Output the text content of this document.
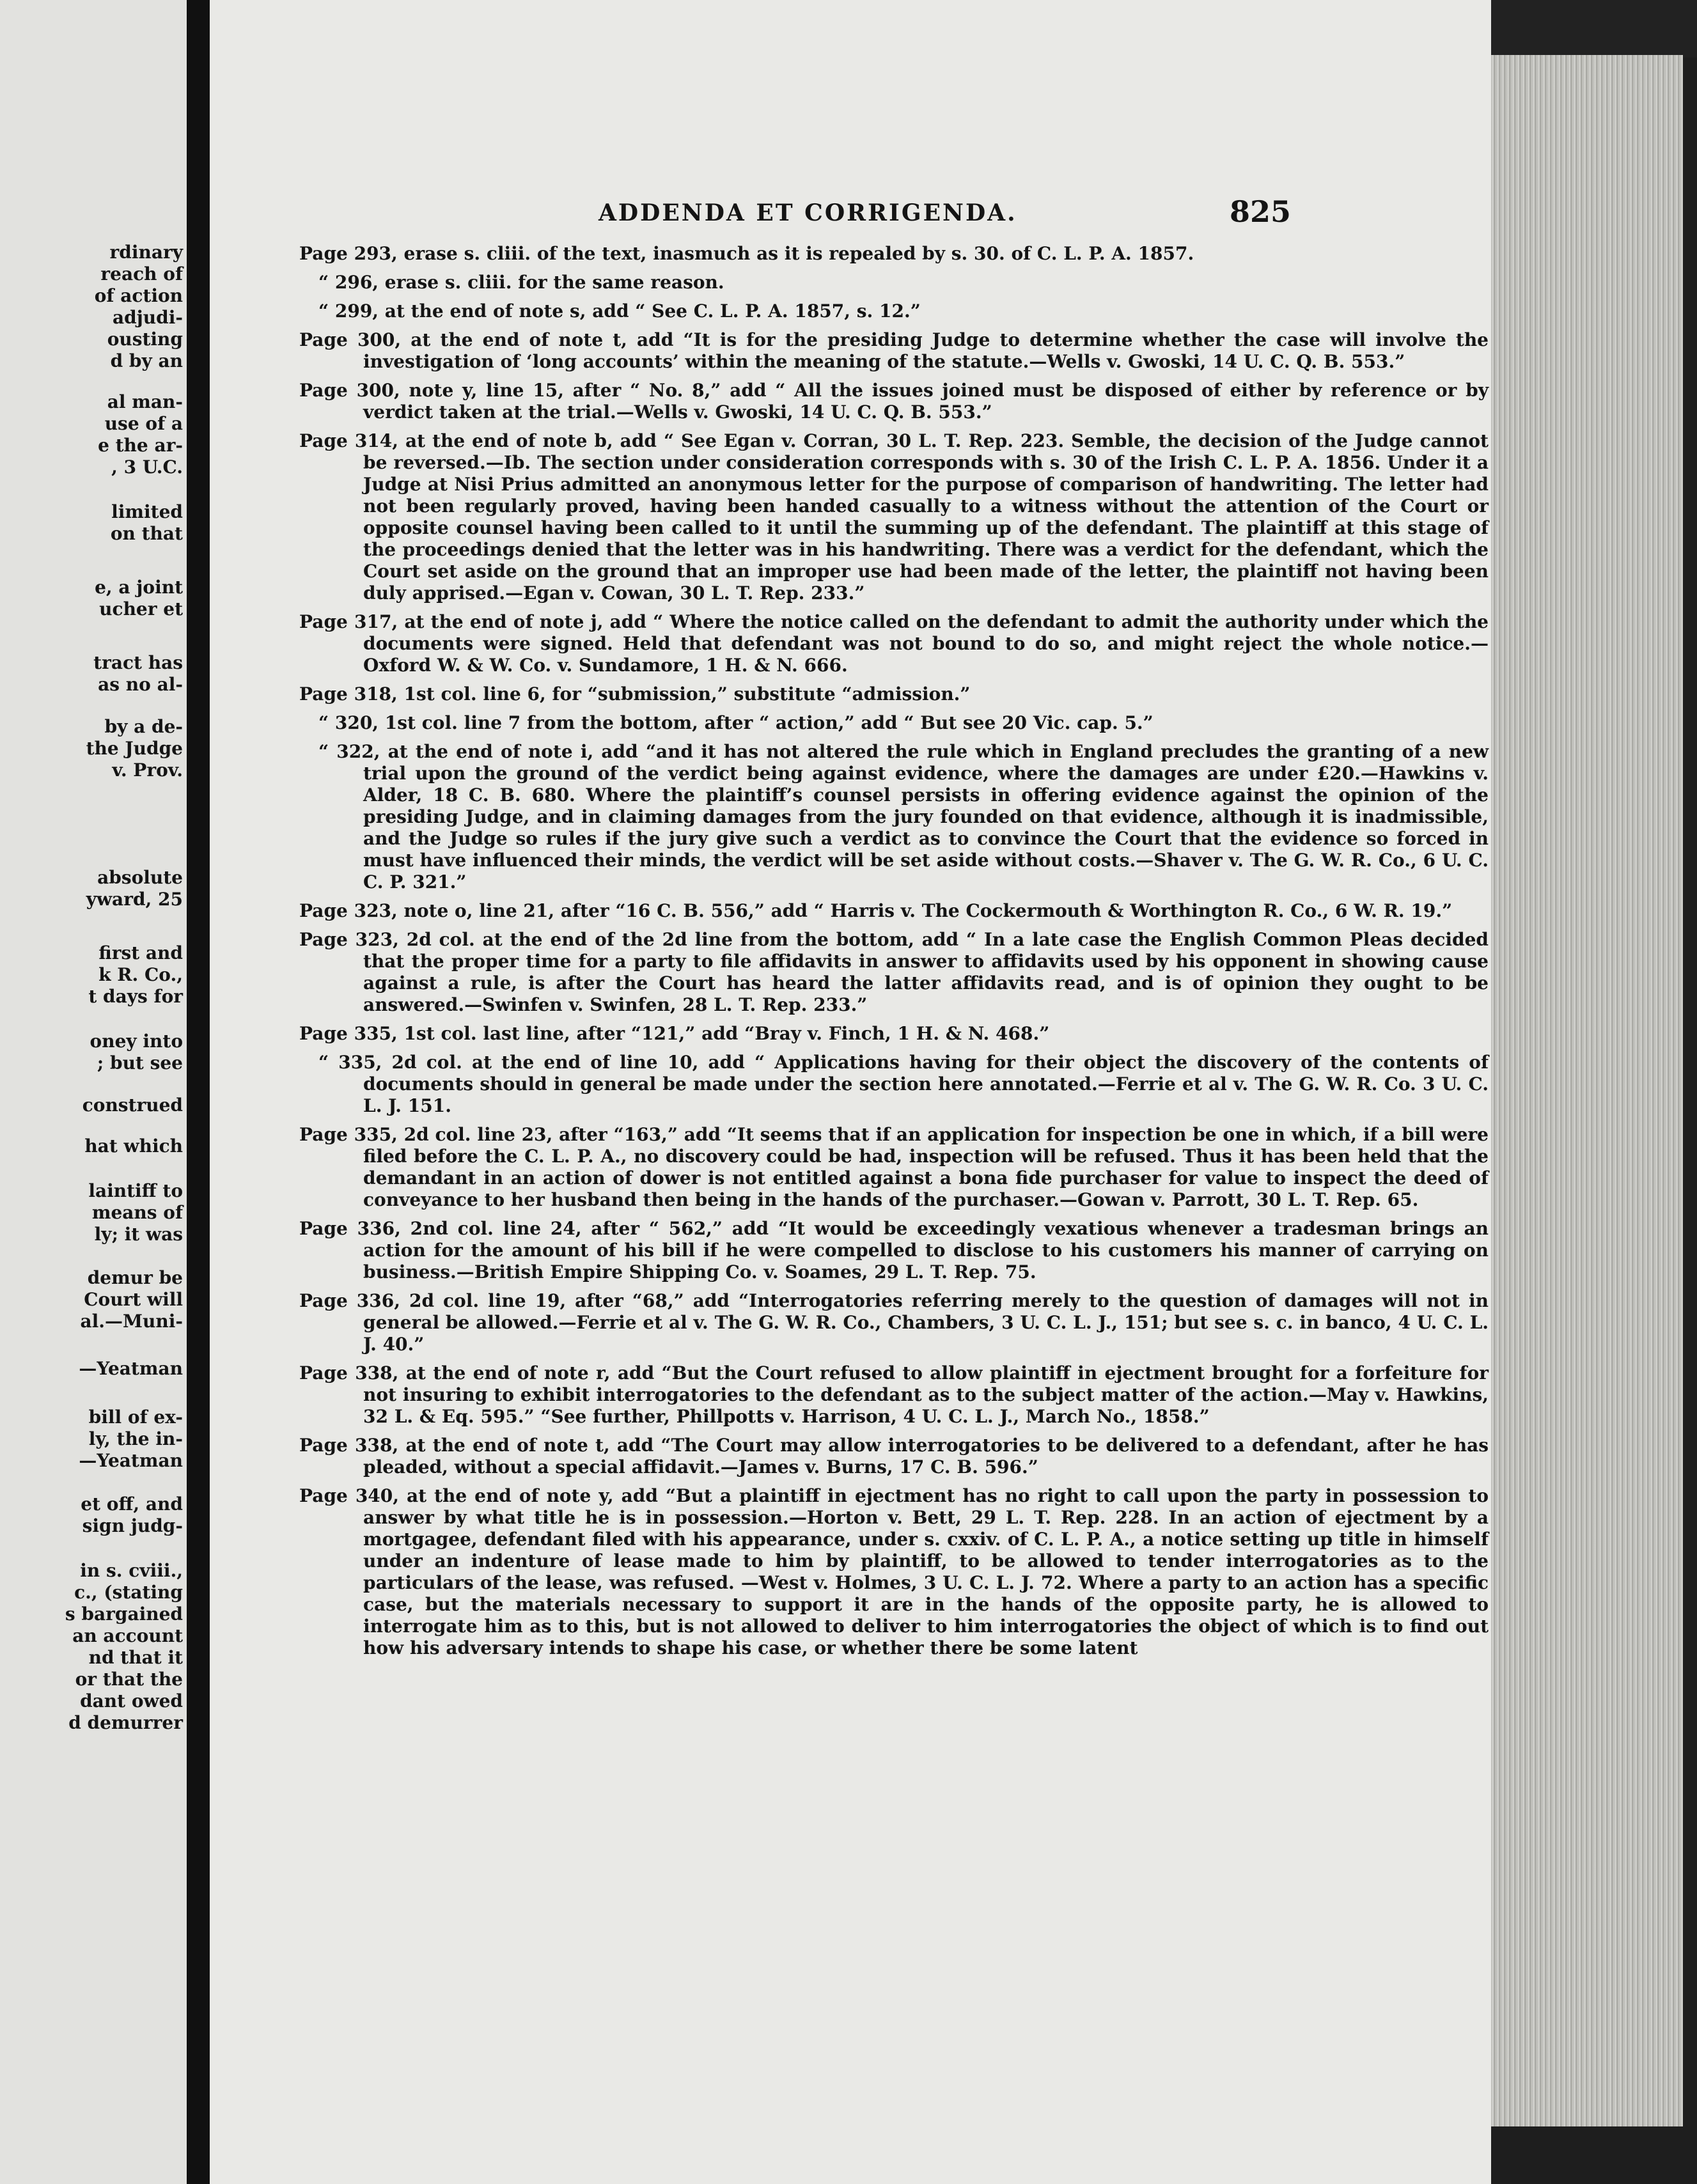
rdinary
reach of
of action
adjudi-
ousting
d by an
al man-
use of a
e the ar-
, 3 U.C.
limited
on that
e, a joint
ucher et
tract has
as no al-
by a de-
the Judge
v. Prov.
absolute
yward, 25
first and
k R. Co.,
t days for
oney into
; but see
construed
hat which
laintiff to
means of
ly; it was
demur be
Court will
al.—Muni-
—Yeatman
bill of ex-
ly, the in-
—Yeatman
et off, and
sign judg-
in s. cviii.,
c., (stating
s bargained
an account
nd that it
or that the
dant owed
d demurrer
ADDENDA ET CORRIGENDA.	825

Page 293, erase s. cliii. of the text, inasmuch as it is repealed by s. 30. of C. L. P. A. 1857.

“ 296, erase s. cliii. for the same reason.

“ 299, at the end of note s, add “ See C. L. P. A. 1857, s. 12.”

Page 300, at the end of note t, add “It is for the presiding Judge to determine whether the case will involve the investigation of ‘long accounts’ within the meaning of the statute.—Wells v. Gwoski, 14 U. C. Q. B. 553.”

Page 300, note y, line 15, after “ No. 8,” add “ All the issues joined must be disposed of either by reference or by verdict taken at the trial.—Wells v. Gwoski, 14 U. C. Q. B. 553.”

Page 314, at the end of note b, add “ See Egan v. Corran, 30 L. T. Rep. 223. Semble, the decision of the Judge cannot be reversed.—Ib. The section under consideration corresponds with s. 30 of the Irish C. L. P. A. 1856. Under it a Judge at Nisi Prius admitted an anonymous letter for the purpose of comparison of handwriting. The letter had not been regularly proved, having been handed casually to a witness without the attention of the Court or opposite counsel having been called to it until the summing up of the defendant. The plaintiff at this stage of the proceedings denied that the letter was in his handwriting. There was a verdict for the defendant, which the Court set aside on the ground that an improper use had been made of the letter, the plaintiff not having been duly apprised.—Egan v. Cowan, 30 L. T. Rep. 233.”

Page 317, at the end of note j, add “ Where the notice called on the defendant to admit the authority under which the documents were signed. Held that defendant was not bound to do so, and might reject the whole notice.—Oxford W. & W. Co. v. Sundamore, 1 H. & N. 666.

Page 318, 1st col. line 6, for “submission,” substitute “admission.”

“ 320, 1st col. line 7 from the bottom, after “ action,” add “ But see 20 Vic. cap. 5.”

“ 322, at the end of note i, add “and it has not altered the rule which in England precludes the granting of a new trial upon the ground of the verdict being against evidence, where the damages are under £20.—Hawkins v. Alder, 18 C. B. 680. Where the plaintiff’s counsel persists in offering evidence against the opinion of the presiding Judge, and in claiming damages from the jury founded on that evidence, although it is inadmissible, and the Judge so rules if the jury give such a verdict as to convince the Court that the evidence so forced in must have influenced their minds, the verdict will be set aside without costs.—Shaver v. The G. W. R. Co., 6 U. C. C. P. 321.”

Page 323, note o, line 21, after “16 C. B. 556,” add “ Harris v. The Cockermouth & Worthington R. Co., 6 W. R. 19.”

Page 323, 2d col. at the end of the 2d line from the bottom, add “ In a late case the English Common Pleas decided that the proper time for a party to file affidavits in answer to affidavits used by his opponent in showing cause against a rule, is after the Court has heard the latter affidavits read, and is of opinion they ought to be answered.—Swinfen v. Swinfen, 28 L. T. Rep. 233.”

Page 335, 1st col. last line, after “121,” add “Bray v. Finch, 1 H. & N. 468.”

“ 335, 2d col. at the end of line 10, add “ Applications having for their object the discovery of the contents of documents should in general be made under the section here annotated.—Ferrie et al v. The G. W. R. Co. 3 U. C. L. J. 151.

Page 335, 2d col. line 23, after “163,” add “It seems that if an application for inspection be one in which, if a bill were filed before the C. L. P. A., no discovery could be had, inspection will be refused. Thus it has been held that the demandant in an action of dower is not entitled against a bona fide purchaser for value to inspect the deed of conveyance to her husband then being in the hands of the purchaser.—Gowan v. Parrott, 30 L. T. Rep. 65.

Page 336, 2nd col. line 24, after “ 562,” add “It would be exceedingly vexatious whenever a tradesman brings an action for the amount of his bill if he were compelled to disclose to his customers his manner of carrying on business.—British Empire Shipping Co. v. Soames, 29 L. T. Rep. 75.

Page 336, 2d col. line 19, after “68,” add “Interrogatories referring merely to the question of damages will not in general be allowed.—Ferrie et al v. The G. W. R. Co., Chambers, 3 U. C. L. J., 151; but see s. c. in banco, 4 U. C. L. J. 40.”

Page 338, at the end of note r, add “But the Court refused to allow plaintiff in ejectment brought for a forfeiture for not insuring to exhibit interrogatories to the defendant as to the subject matter of the action.—May v. Hawkins, 32 L. & Eq. 595.” “See further, Phillpotts v. Harrison, 4 U. C. L. J., March No., 1858.”

Page 338, at the end of note t, add “The Court may allow interrogatories to be delivered to a defendant, after he has pleaded, without a special affidavit.—James v. Burns, 17 C. B. 596.”

Page 340, at the end of note y, add “But a plaintiff in ejectment has no right to call upon the party in possession to answer by what title he is in possession.—Horton v. Bett, 29 L. T. Rep. 228. In an action of ejectment by a mortgagee, defendant filed with his appearance, under s. cxxiv. of C. L. P. A., a notice setting up title in himself under an indenture of lease made to him by plaintiff, to be allowed to tender interrogatories as to the particulars of the lease, was refused. —West v. Holmes, 3 U. C. L. J. 72. Where a party to an action has a specific case, but the materials necessary to support it are in the hands of the opposite party, he is allowed to interrogate him as to this, but is not allowed to deliver to him interrogatories the object of which is to find out how his adversary intends to shape his case, or whether there be some latent
